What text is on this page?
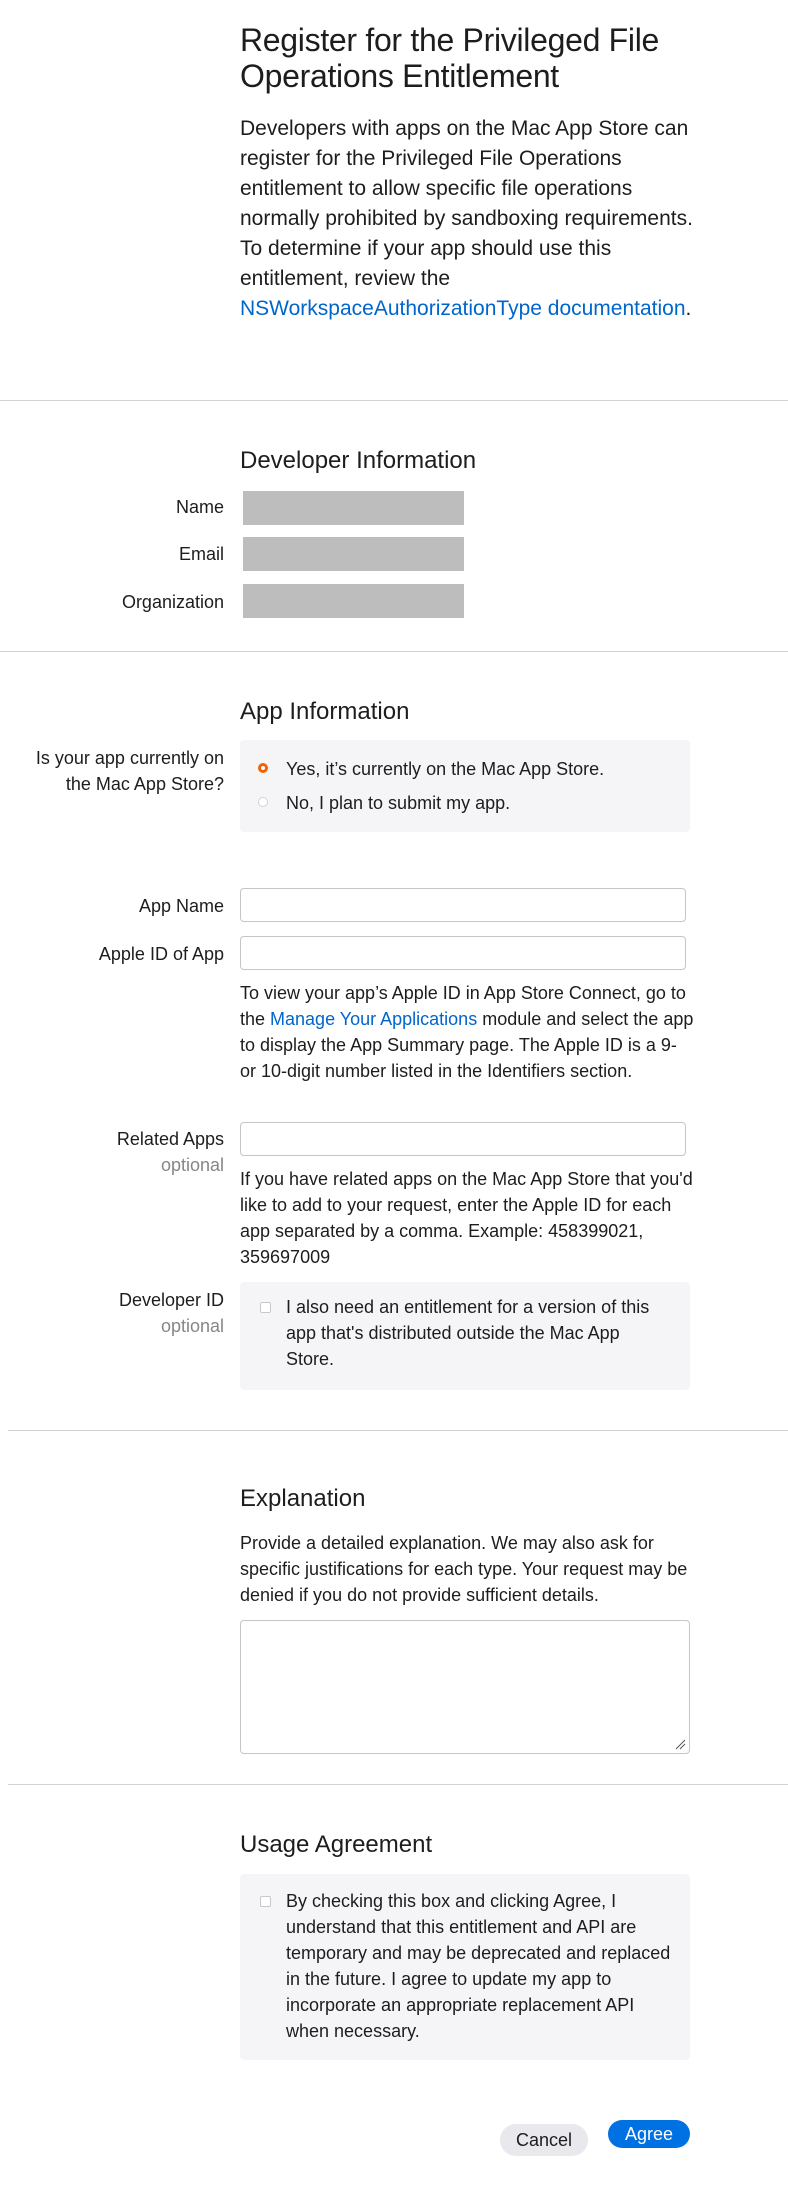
Register for the Privileged File Operations Entitlement
Developers with apps on the Mac App Store can register for the Privileged File Operations entitlement to allow specific file operations normally prohibited by sandboxing requirements. To determine if your app should use this entitlement, review the NSWorkspaceAuthorizationType documentation.
Developer Information
Name
Email
Organization
App Information
Is your app currently on
the Mac App Store?
Yes, it’s currently on the Mac App Store.
No, I plan to submit my app.
App Name
Apple ID of App
To view your app’s Apple ID in App Store Connect, go to the Manage Your Applications module and select the app to display the App Summary page. The Apple ID is a 9- or 10-digit number listed in the Identifiers section.
Related Apps
optional
If you have related apps on the Mac App Store that you'd like to add to your request, enter the Apple ID for each app separated by a comma. Example: 458399021, 359697009
Developer ID
optional
I also need an entitlement for a version of this app that's distributed outside the Mac App Store.
Explanation
Provide a detailed explanation. We may also ask for specific justifications for each type. Your request may be denied if you do not provide sufficient details.
Usage Agreement
By checking this box and clicking Agree, I understand that this entitlement and API are temporary and may be deprecated and replaced in the future. I agree to update my app to incorporate an appropriate replacement API when necessary.
Cancel	Agree
